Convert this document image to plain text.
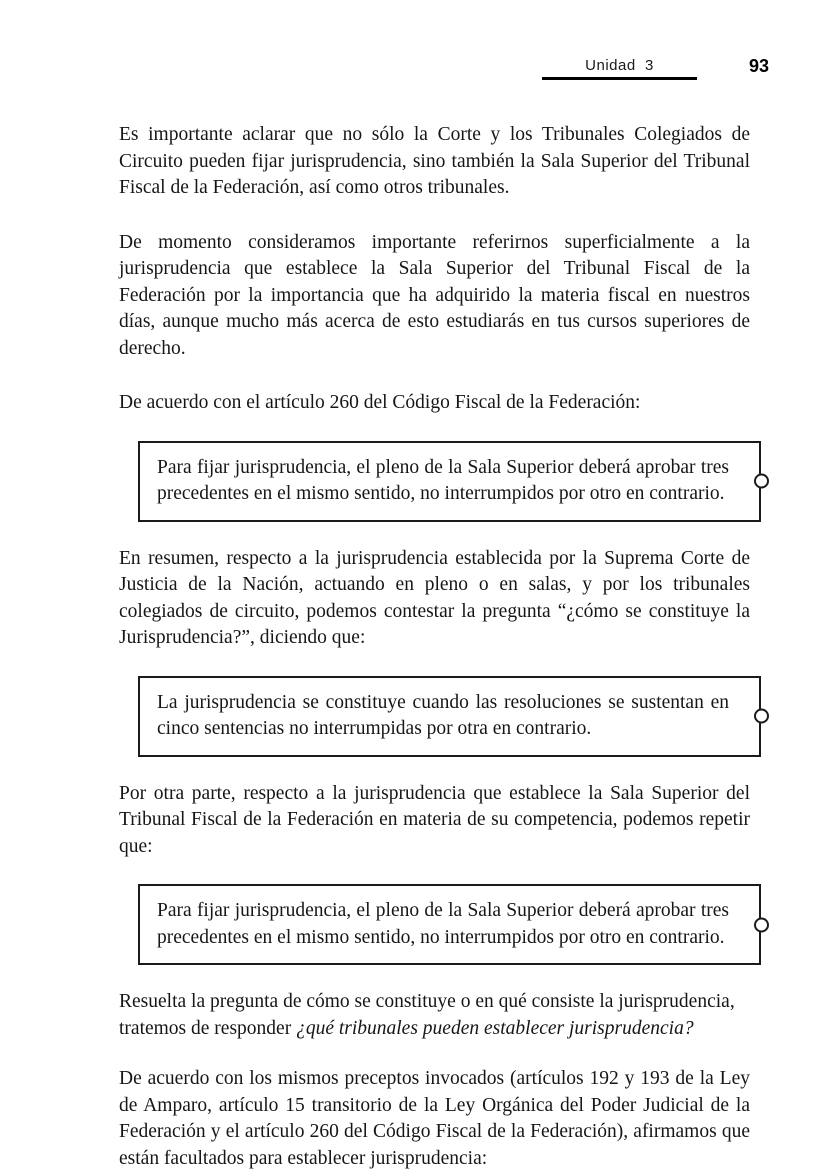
Unidad  3	93

Es importante aclarar que no sólo la Corte y los Tribunales Colegiados de Circuito pueden fijar jurisprudencia, sino también la Sala Superior del Tribunal Fiscal de la Federación, así como otros tribunales.

De momento consideramos importante referirnos superficialmente a la jurisprudencia que establece la Sala Superior del Tribunal Fiscal de la Federación por la importancia que ha adquirido la materia fiscal en nuestros días, aunque mucho más acerca de esto estudiarás en tus cursos superiores de derecho.

De acuerdo con el artículo 260 del Código Fiscal de la Federación:

Para fijar jurisprudencia, el pleno de la Sala Superior deberá aprobar tres precedentes en el mismo sentido, no interrumpidos por otro en contrario.

En resumen, respecto a la jurisprudencia establecida por la Suprema Corte de Justicia de la Nación, actuando en pleno o en salas, y por los tribunales colegiados de circuito, podemos contestar la pregunta “¿cómo se constituye la Jurisprudencia?”, diciendo que:

La jurisprudencia se constituye cuando las resoluciones se sustentan en cinco sentencias no interrumpidas por otra en contrario.

Por otra parte, respecto a la jurisprudencia que establece la Sala Superior del Tribunal Fiscal de la Federación en materia de su competencia, podemos repetir que:

Para fijar jurisprudencia, el pleno de la Sala Superior deberá aprobar tres precedentes en el mismo sentido, no interrumpidos por otro en contrario.

Resuelta la pregunta de cómo se constituye o en qué consiste la jurisprudencia, tratemos de responder ¿qué tribunales pueden establecer jurisprudencia?

De acuerdo con los mismos preceptos invocados (artículos 192 y 193 de la Ley de Amparo, artículo 15 transitorio de la Ley Orgánica del Poder Judicial de la Federación y el artículo 260 del Código Fiscal de la Federación), afirmamos que están facultados para establecer jurisprudencia:
